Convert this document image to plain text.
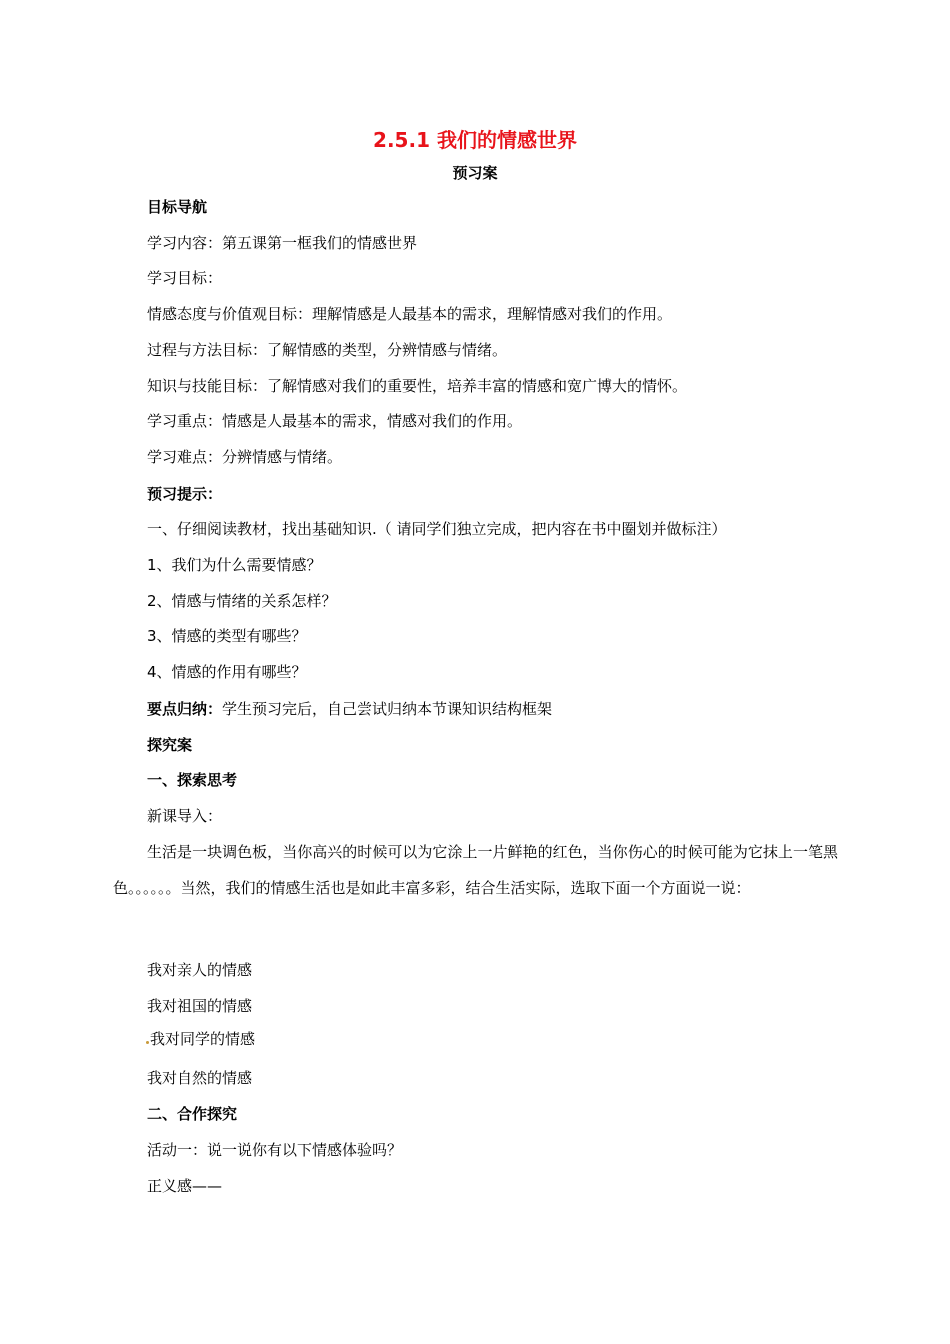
2.5.1 我们的情感世界
预习案
目标导航
学习内容：第五课第一框我们的情感世界
学习目标：
情感态度与价值观目标：理解情感是人最基本的需求，理解情感对我们的作用。
过程与方法目标：了解情感的类型，分辨情感与情绪。
知识与技能目标：了解情感对我们的重要性，培养丰富的情感和宽广博大的情怀。
学习重点：情感是人最基本的需求，情感对我们的作用。
学习难点：分辨情感与情绪。
预习提示：
一、仔细阅读教材，找出基础知识.（ 请同学们独立完成，把内容在书中圈划并做标注）
1、我们为什么需要情感？
2、情感与情绪的关系怎样？
3、情感的类型有哪些？
4、情感的作用有哪些？
要点归纳：学生预习完后，自己尝试归纳本节课知识结构框架
探究案
一、探索思考
新课导入：
生活是一块调色板，当你高兴的时候可以为它涂上一片鲜艳的红色，当你伤心的时候可能为它抹上一笔黑色。。。。。。当然，我们的情感生活也是如此丰富多彩，结合生活实际，选取下面一个方面说一说：
我对亲人的情感
我对祖国的情感
我对同学的情感
我对自然的情感
二、合作探究
活动一：说一说你有以下情感体验吗？
正义感——
